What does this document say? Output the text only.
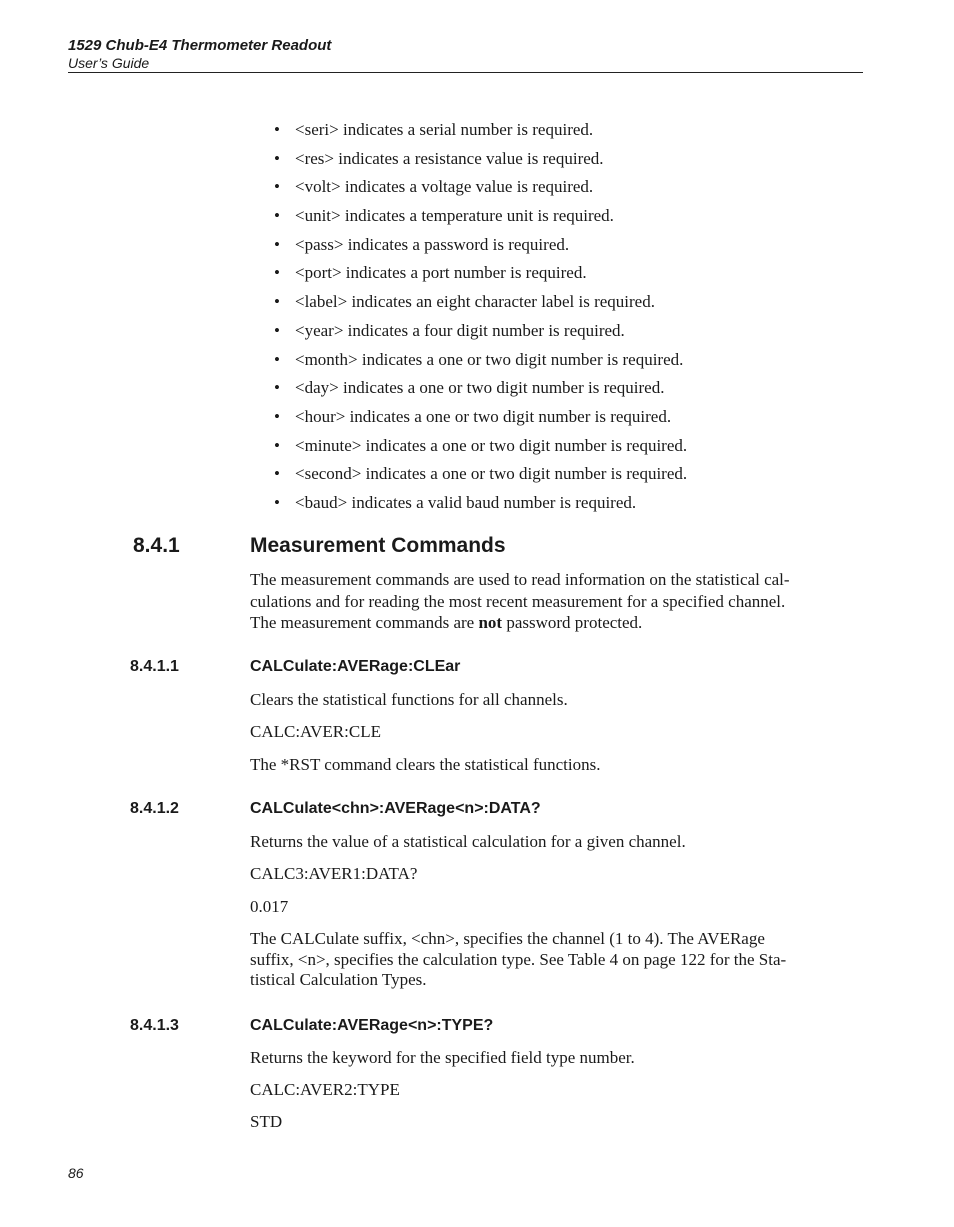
1529 Chub-E4 Thermometer Readout
User’s Guide
• <seri> indicates a serial number is required.
• <res> indicates a resistance value is required.
• <volt> indicates a voltage value is required.
• <unit> indicates a temperature unit is required.
• <pass> indicates a password is required.
• <port> indicates a port number is required.
• <label> indicates an eight character label is required.
• <year> indicates a four digit number is required.
• <month> indicates a one or two digit number is required.
• <day> indicates a one or two digit number is required.
• <hour> indicates a one or two digit number is required.
• <minute> indicates a one or two digit number is required.
• <second> indicates a one or two digit number is required.
• <baud> indicates a valid baud number is required.
8.4.1	Measurement Commands
The measurement commands are used to read information on the statistical cal-
culations and for reading the most recent measurement for a specified channel.
The measurement commands are not password protected.
8.4.1.1	CALCulate:AVERage:CLEar
Clears the statistical functions for all channels.
CALC:AVER:CLE
The *RST command clears the statistical functions.
8.4.1.2	CALCulate<chn>:AVERage<n>:DATA?
Returns the value of a statistical calculation for a given channel.
CALC3:AVER1:DATA?
0.017
The CALCulate suffix, <chn>, specifies the channel (1 to 4). The AVERage
suffix, <n>, specifies the calculation type. See Table 4 on page 122 for the Sta-
tistical Calculation Types.
8.4.1.3	CALCulate:AVERage<n>:TYPE?
Returns the keyword for the specified field type number.
CALC:AVER2:TYPE
STD
86
